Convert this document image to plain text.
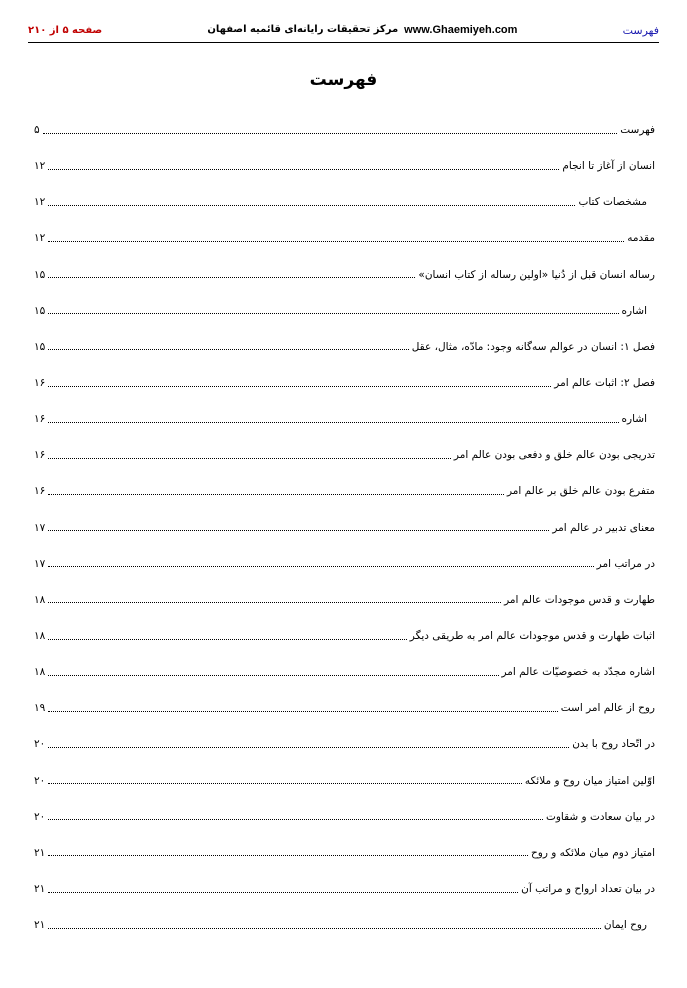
صفحه ۵ از ۲۱۰	www.Ghaemiyeh.com
مرکز تحقیقات رایانه‌ای قائمیه اصفهان	فهرست
فهرست
فهرست
۵
انسان از آغاز تا انجام
۱۲
مشخصات کتاب
۱۲
مقدمه
۱۲
رساله انسان قبل از دُنیا «اولین رساله از کتاب انسان»
۱۵
اشاره
۱۵
فصل ۱: انسان در عوالم سه‌گانه وجود: مادّه، مثال، عقل
۱۵
فصل ۲: اثبات عالم امر
۱۶
اشاره
۱۶
تدریجی بودن عالم خلق و دفعی بودن عالم امر
۱۶
متفرع بودن عالم خلق بر عالم امر
۱۶
معنای تدبیر در عالم امر
۱۷
در مراتب امر
۱۷
طهارت و قدس موجودات عالم امر
۱۸
اثبات طهارت و قدس موجودات عالم امر به طریقی دیگر
۱۸
اشاره مجدّد به خصوصیّات عالم امر
۱۸
روح از عالم امر است
۱۹
در اتّحاد روح با بدن
۲۰
اوّلین امتیاز میان روح و ملائکه
۲۰
در بیان سعادت و شقاوت
۲۰
امتیاز دوم میان ملائکه و روح
۲۱
در بیان تعداد ارواح و مراتب آن
۲۱
روح ایمان
۲۱
